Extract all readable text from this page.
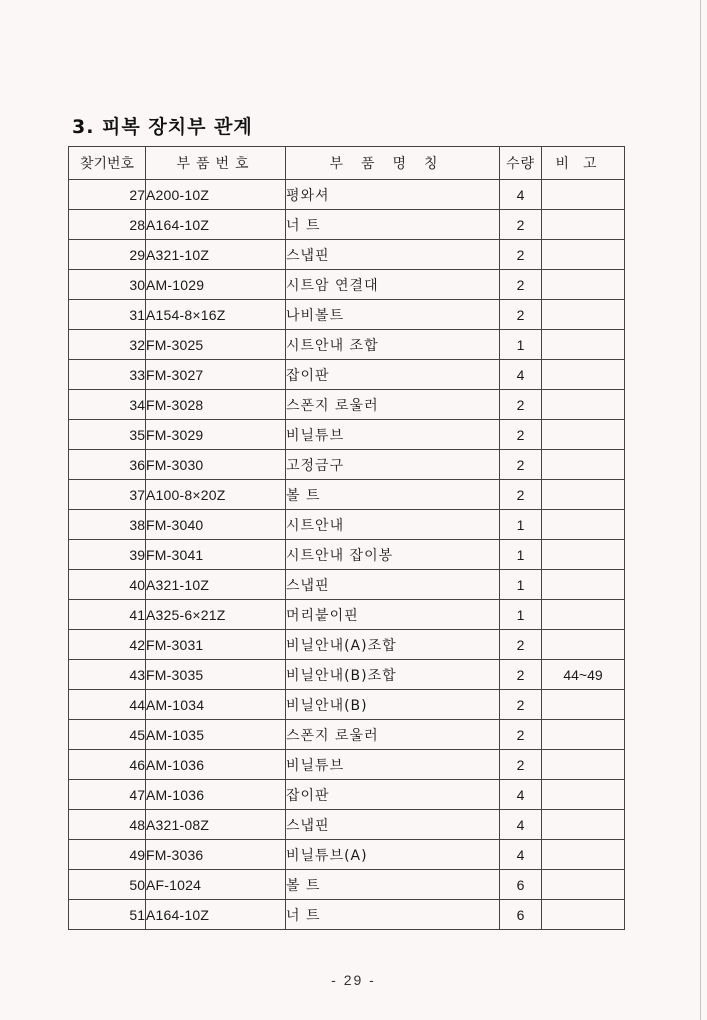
3. 피복 장치부 관계
찾기번호	부품번호	부품명칭	수량	비고
27	A200-10Z	평와셔	4	
28	A164-10Z	너 트	2	
29	A321-10Z	스냅핀	2	
30	AM-1029	시트암 연결대	2	
31	A154-8×16Z	나비볼트	2	
32	FM-3025	시트안내 조합	1	
33	FM-3027	잡이판	4	
34	FM-3028	스폰지 로울러	2	
35	FM-3029	비닐튜브	2	
36	FM-3030	고정금구	2	
37	A100-8×20Z	볼 트	2	
38	FM-3040	시트안내	1	
39	FM-3041	시트안내 잡이봉	1	
40	A321-10Z	스냅핀	1	
41	A325-6×21Z	머리붙이핀	1	
42	FM-3031	비닐안내(A)조합	2	
43	FM-3035	비닐안내(B)조합	2	44~49
44	AM-1034	비닐안내(B)	2	
45	AM-1035	스폰지 로울러	2	
46	AM-1036	비닐튜브	2	
47	AM-1036	잡이판	4	
48	A321-08Z	스냅핀	4	
49	FM-3036	비닐튜브(A)	4	
50	AF-1024	볼 트	6	
51	A164-10Z	너 트	6	
- 29 -
